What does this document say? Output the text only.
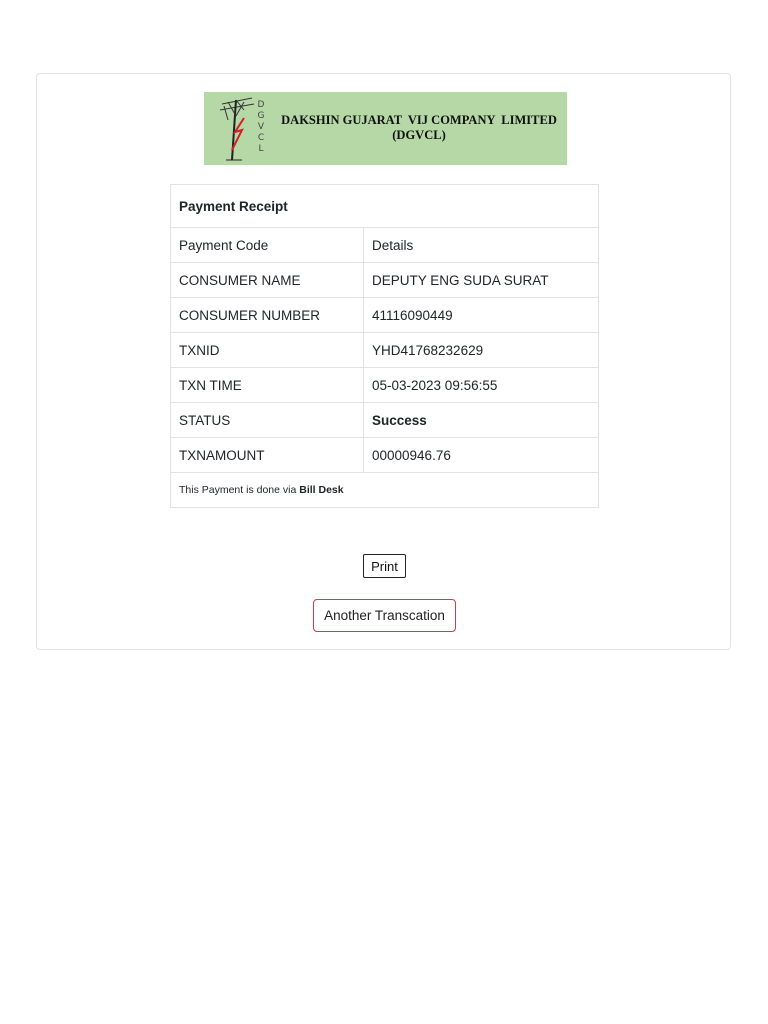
D
G
V
C
L
DAKSHIN GUJARAT  VIJ COMPANY  LIMITED
(DGVCL)
Payment Receipt	
Payment Code	Details
CONSUMER NAME	DEPUTY ENG SUDA SURAT
CONSUMER NUMBER	41116090449
TXNID	YHD41768232629
TXN TIME	05-03-2023 09:56:55
STATUS	Success
TXNAMOUNT	00000946.76
This Payment is done via Bill Desk	
Print
Another Transcation
